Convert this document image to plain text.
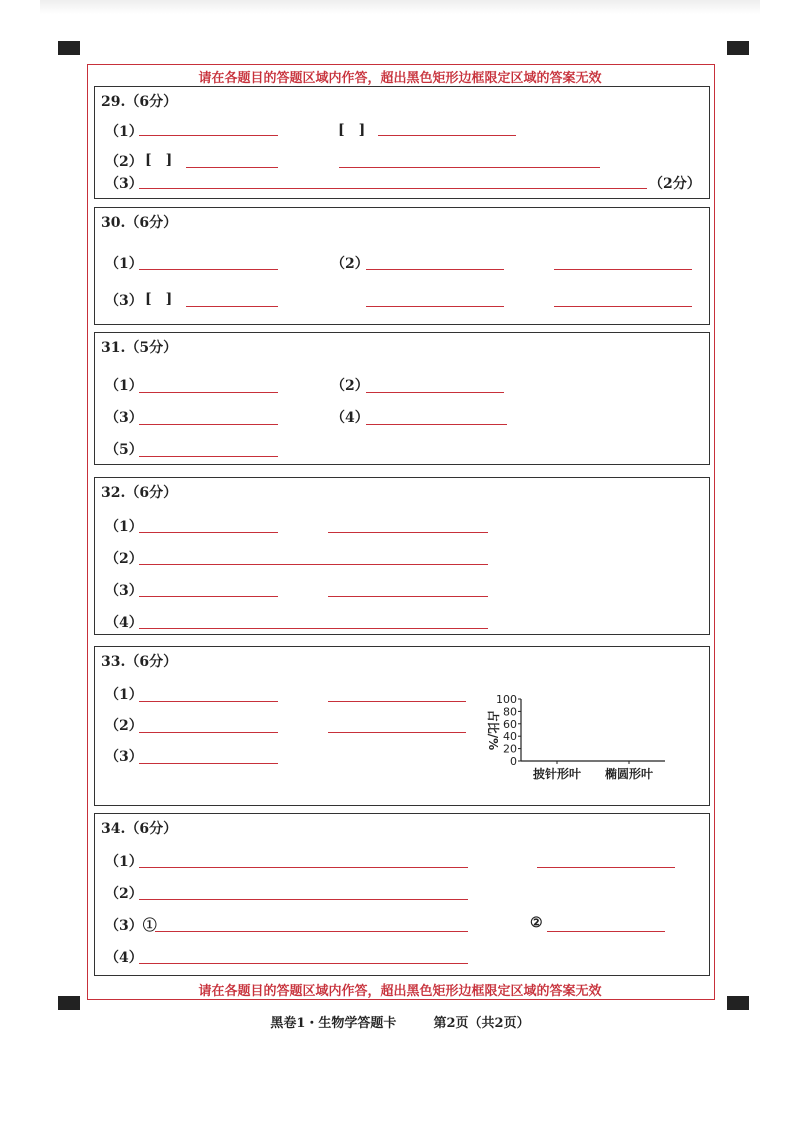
请在各题目的答题区域内作答，超出黑色矩形边框限定区域的答案无效
请在各题目的答题区域内作答，超出黑色矩形边框限定区域的答案无效
29.（6分）
（1）	[　]
（2） [　]
（3）	（2分）
30.（6分）
（1）	（2）
（3） [　]
31.（5分）
（1）	（2）
（3）	（4）
（5）
32.（6分）
（1）
（2）
（3）
（4）
33.（6分）
（1）
（2）
（3）	0
20
40
60
80
100
披针形叶 椭圆形叶
占比/%
34.（6分）
（1）
（2）
（3）①	②
（4）
黑卷1・生物学答题卡	第2页（共2页）
